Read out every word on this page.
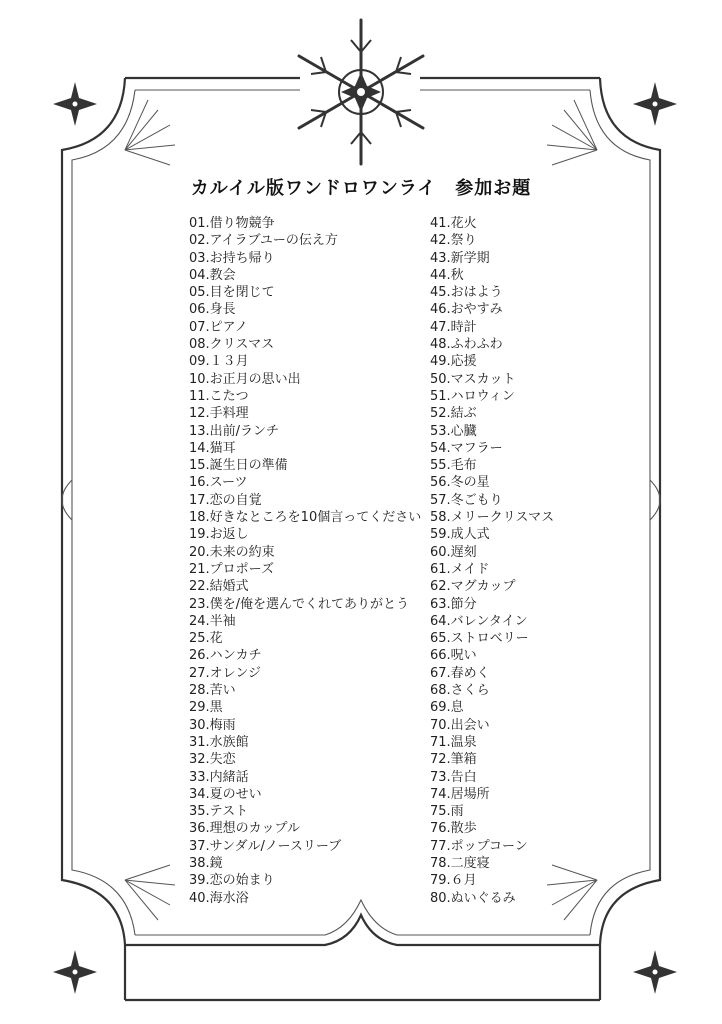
カルイル版ワンドロワンライ　参加お題
01.借り物競争
02.アイラブユーの伝え方
03.お持ち帰り
04.教会
05.目を閉じて
06.身長
07.ピアノ
08.クリスマス
09.１３月
10.お正月の思い出
11.こたつ
12.手料理
13.出前/ランチ
14.猫耳
15.誕生日の準備
16.スーツ
17.恋の自覚
18.好きなところを10個言ってください
19.お返し
20.未来の約束
21.プロポーズ
22.結婚式
23.僕を/俺を選んでくれてありがとう
24.半袖
25.花
26.ハンカチ
27.オレンジ
28.苦い
29.黒
30.梅雨
31.水族館
32.失恋
33.内緒話
34.夏のせい
35.テスト
36.理想のカップル
37.サンダル/ノースリーブ
38.鏡
39.恋の始まり
40.海水浴
41.花火
42.祭り
43.新学期
44.秋
45.おはよう
46.おやすみ
47.時計
48.ふわふわ
49.応援
50.マスカット
51.ハロウィン
52.結ぶ
53.心臓
54.マフラー
55.毛布
56.冬の星
57.冬ごもり
58.メリークリスマス
59.成人式
60.遅刻
61.メイド
62.マグカップ
63.節分
64.バレンタイン
65.ストロベリー
66.呪い
67.春めく
68.さくら
69.息
70.出会い
71.温泉
72.筆箱
73.告白
74.居場所
75.雨
76.散歩
77.ポップコーン
78.二度寝
79.６月
80.ぬいぐるみ
